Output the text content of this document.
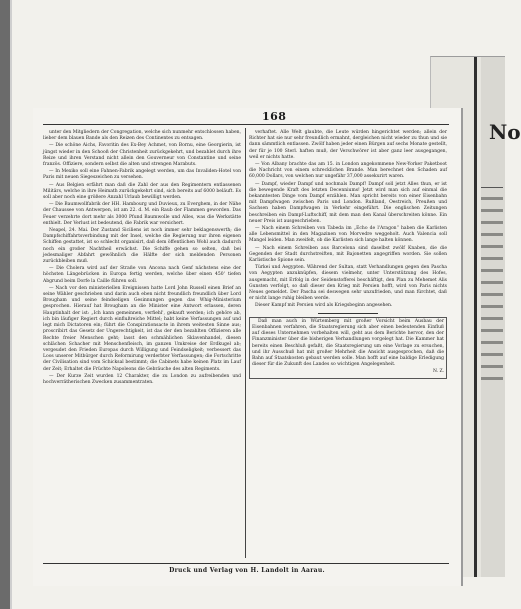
No
168

unter den Mitgliedern der Congregation, welche sich nunmehr entschlossen haben, lieber dem blauen Bande als den Reizen des Continentes zu entsagen.

— Die schöne Aichs, Favoritin des Ex-Bey Achmet, von Bornu, eine Georgierin, ist jüngst wieder in den Schooß der Christenheit zurückgekehrt, und bezahlet durch ihre Reize und ihren Verstand nicht allein den Gouverneur von Constantine und seine französ. Offiziere, sondern selbst die alten und strengen Marabuts.

— In Mexiko soll eine Fahnen-Fabrik angelegt werden, um das Invaliden-Hotel von Paris mit neuen Siegeszeichen zu versehen.

— Aus Belgien erfährt man daß die Zahl der aus den Regimentern entlassenen Militärs, welche in ihre Heimath zurückgekehrt sind, sich bereits auf 6000 beläuft. Es soll aber noch eine größere Anzahl Urlaub bewilligt werden.

— Die Baumwollfabrik der HH. Hambourg und Duvieux, zu Everghem, in der Nähe der Chaussee von Antwerpen, ist am 22. d. M. ein Raub der Flammen geworden. Das Feuer verzehrte dort mehr als 3000 Pfund Baumwolle und Alles, was die Werkstätte enthielt. Der Verlust ist bedeutend, die Fabrik war versichert.

Neapel, 24. Mai. Der Zustand Siciliens ist noch immer sehr beklagenswerth; die Dampfschiffahrtsverbindung mit der Insel, welche die Regierung nur ihren eigenen Schiffen gestattet, ist so schlecht organisirt, daß dem öffentlichen Wohl auch dadurch noch ein großer Nachtheil erwächst. Die Schiffe gehen so selten, daß bei jedesmaliger Abfahrt gewöhnlich die Hälfte der sich meldenden Personen zurückbleiben muß.

— Die Cholera wird auf der Straße von Ancona nach Genf nächstens eine der höchsten Längebrücken in Europa fertig werden, welche über einen 450' tiefen Abgrund beim Dorfe la Caille führen soll.

— Nach vor den ministeriellen Ereignissen hatte Lord John Russell einen Brief an seine Wähler geschrieben und darin auch eben nicht freundlich freundlich über Lord Brougham und seine feindseligen Gesinnungen gegen das Whig-Ministerium gesprochen. Hierauf hat Brougham an die Minister eine Antwort erlassen, deren Hauptinhalt der ist: „Ich kann gemeinnen, verfiehl', gekauft werden; ich gehöre ab, ich bin läufiger Regiert durch einflußreiche Mittel; habt keine Verfassungen auf und legt mich Dictatoren ein; führt die Conspirationsacte in ihrem weitesten Sinne aus; proscribirt das Gesetz der Ungerechtigkeit, ist das der den bezahlten Offizieren alle Rechte freier Menschen geht; lasst den schmählichen Sklavenhandel, diesen schlächen Schacher mit Menschenfleisch, im ganzen Umkreise der Erdkugel ab; vergeudet den Frieden Europas durch Willigung und Feindseligkeit; verbessert das Loos unserer Mitbürger durch Reformirung verderbter Verfassungen; die Fortschritte der Civilisation sind vom Schicksal bestimmt; die Cabinets habe keinen Platz im Lauf der Zeit; Erhaltet die Früchte Napoleons die Gebräuche des alten Regiments.

— Der Kurze Zeit wurden 12 Charakter, die zu London zu aufreibenden und hochverrätherischen Zwecken zusammentraten.

verhaftet. Alle Welt glaubte, die Leute würden hingerichtet werden; allein der Richter hat sie nur sehr freundlich ermahnt, dergleichen nicht wieder zu thun und sie dann sämmtlich entlassen. Zwölf haben jeder einen Bürgen auf sechs Monate gestellt, der für je 100 Sterl. haften muß, der Verschwörer ist aber ganz leer ausgegangen, weil er nichts hatte.

— Von Albany brachte das am 15. in London angekommene New-Yorker Paketboot die Nachricht von einem schrecklichen Brande. Man berechnet den Schaden auf 60,000 Dollars, von welchen nur ungefähr 37,000 assekurirt waren.

— Dampf, wieder Dampf und nochmals Dampf! Dampf soll jetzt Alles thun, er ist die bewegende Kraft des letzten Decenniums! Jetzt wird man sich auf einmal die bekanntesten Dinge vom Dampf erzählen. Man spricht bereits von einer Eisenbahn mit Dampfwagen zwischen Paris und London. Rußland, Oestreich, Preußen und Sachsen haben Dampfwagen in Verkehr eingeführt. Die englischen Zeitungen beschreiben ein Dampf-Luftschiff, mit dem man den Kanal überschreiten könne. Ein neuer Preis ist ausgeschrieben.

— Nach einem Schreiben von Tabeda im „Echo de l'Aragon“ haben die Karlisten alle Lebensmittel in den Magazinen von Morvedre weggeholt. Auch Valencia soll Mangel leiden. Man zweifelt, ob die Karlisten sich lange halten können.

— Nach einem Schreiben aus Barcelona sind daselbst zwölf Knaben, die die Gegenden der Stadt durchstreiften, mit Bajonetten angegriffen worden. Sie sollen Karlistische Spione sein.

Türkei und Aegypten. Während der Sultan, statt Verhandlungen gegen den Pascha von Aegypten anzuknüpfen, diesem vielmehr, unter Unterstützung des Hofes, ausgemacht, mit Erfolg in der Seidenstofferei beschäftigt, den Plan zu Mehemet Alis Gunsten verfolgt, so daß dieser den Krieg mit Persien hofft, wird von Paris nichts Neues gemeldet. Der Pascha sei deswegen sehr unzufrieden, und man fürchtet, daß er nicht lange ruhig bleiben werde.

Dieser Kampf mit Persien wird als Kriegsbeginn angesehen.

Daß man auch in Würtemberg mit großer Vorsicht beim Ausbau der Eisenbahnen verfahren, die Staatsregierung sich aber einen bedeutenden Einfluß auf dieses Unternehmen vorbehalten will, geht aus dem Berichte hervor, den der Finanzminister über die bisherigen Verhandlungen vorgelegt hat. Die Kammer hat bereits einen Beschluß gefaßt, die Staatsregierung um eine Vorlage zu ersuchen, und ihr Ausschuß hat mit großer Mehrheit die Ansicht ausgesprochen, daß die Bahn auf Staatskosten gebaut werden solle. Man hofft auf eine baldige Erledigung dieser für die Zukunft des Landes so wichtigen Angelegenheit.

N. Z.

Druck und Verlag von H. Landolt in Aarau.
